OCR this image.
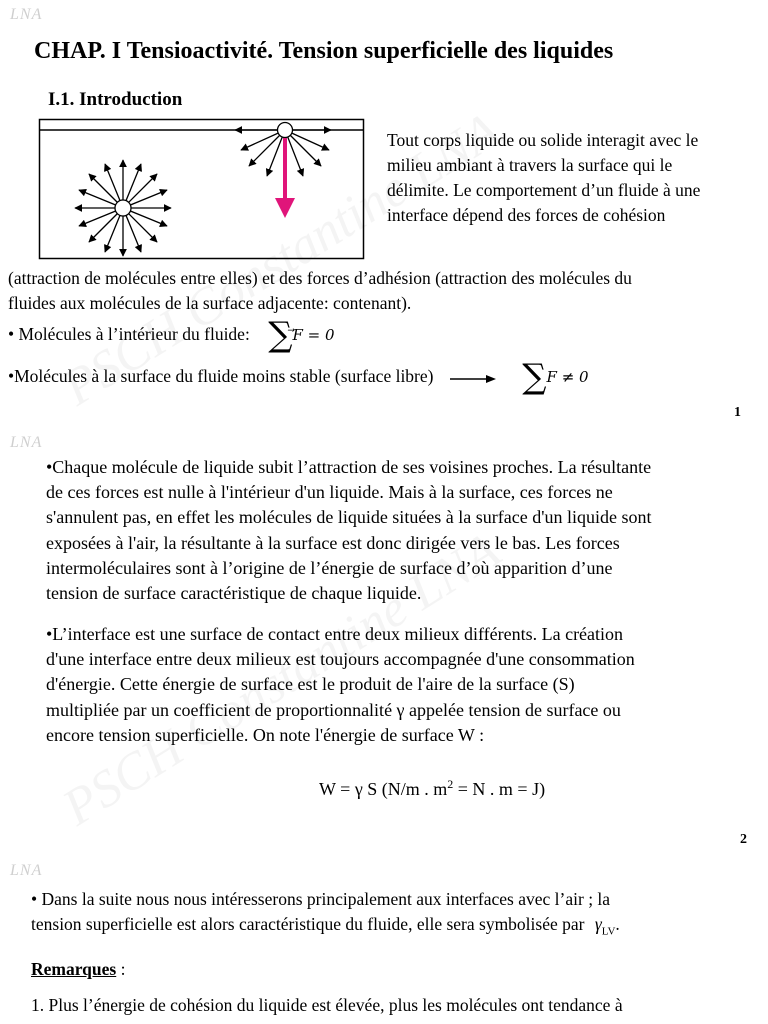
LNA
LNA
LNA
CHAP. I Tensioactivité. Tension superficielle des liquides
I.1. Introduction
Tout corps liquide ou solide interagit avec le
milieu ambiant à travers la surface qui le
délimite. Le comportement d’un fluide à une
interface dépend des forces de cohésion
(attraction de molécules entre elles) et des forces d’adhésion (attraction des molécules du
fluides aux molécules de la surface adjacente: contenant).
• Molécules à l’intérieur du fluide: ∑F = 0
•Molécules à la surface du fluide moins stable (surface libre)	∑F ≠ 0
1
•Chaque molécule de liquide subit l’attraction de ses voisines proches. La résultante
de ces forces est nulle à l'intérieur d'un liquide. Mais à la surface, ces forces ne
s'annulent pas, en effet les molécules de liquide situées à la surface d'un liquide sont
exposées à l'air, la résultante à la surface est donc dirigée vers le bas. Les forces
intermoléculaires sont à l’origine de l’énergie de surface d’où apparition d’une
tension de surface caractéristique de chaque liquide.
•L’interface est une surface de contact entre deux milieux différents. La création
d'une interface entre deux milieux est toujours accompagnée d'une consommation
d'énergie. Cette énergie de surface est le produit de l'aire de la surface (S)
multipliée par un coefficient de proportionnalité γ appelée tension de surface ou
encore tension superficielle. On note l'énergie de surface W :
W = γ S (N/m . $m^2 = N$ . m = J)
2
• Dans la suite nous nous intéresserons principalement aux interfaces avec l’air ; la
tension superficielle est alors caractéristique du fluide, elle sera symbolisée par $\gamma_{LV}$.
Remarques :
1. Plus l’énergie de cohésion du liquide est élevée, plus les molécules ont tendance à
